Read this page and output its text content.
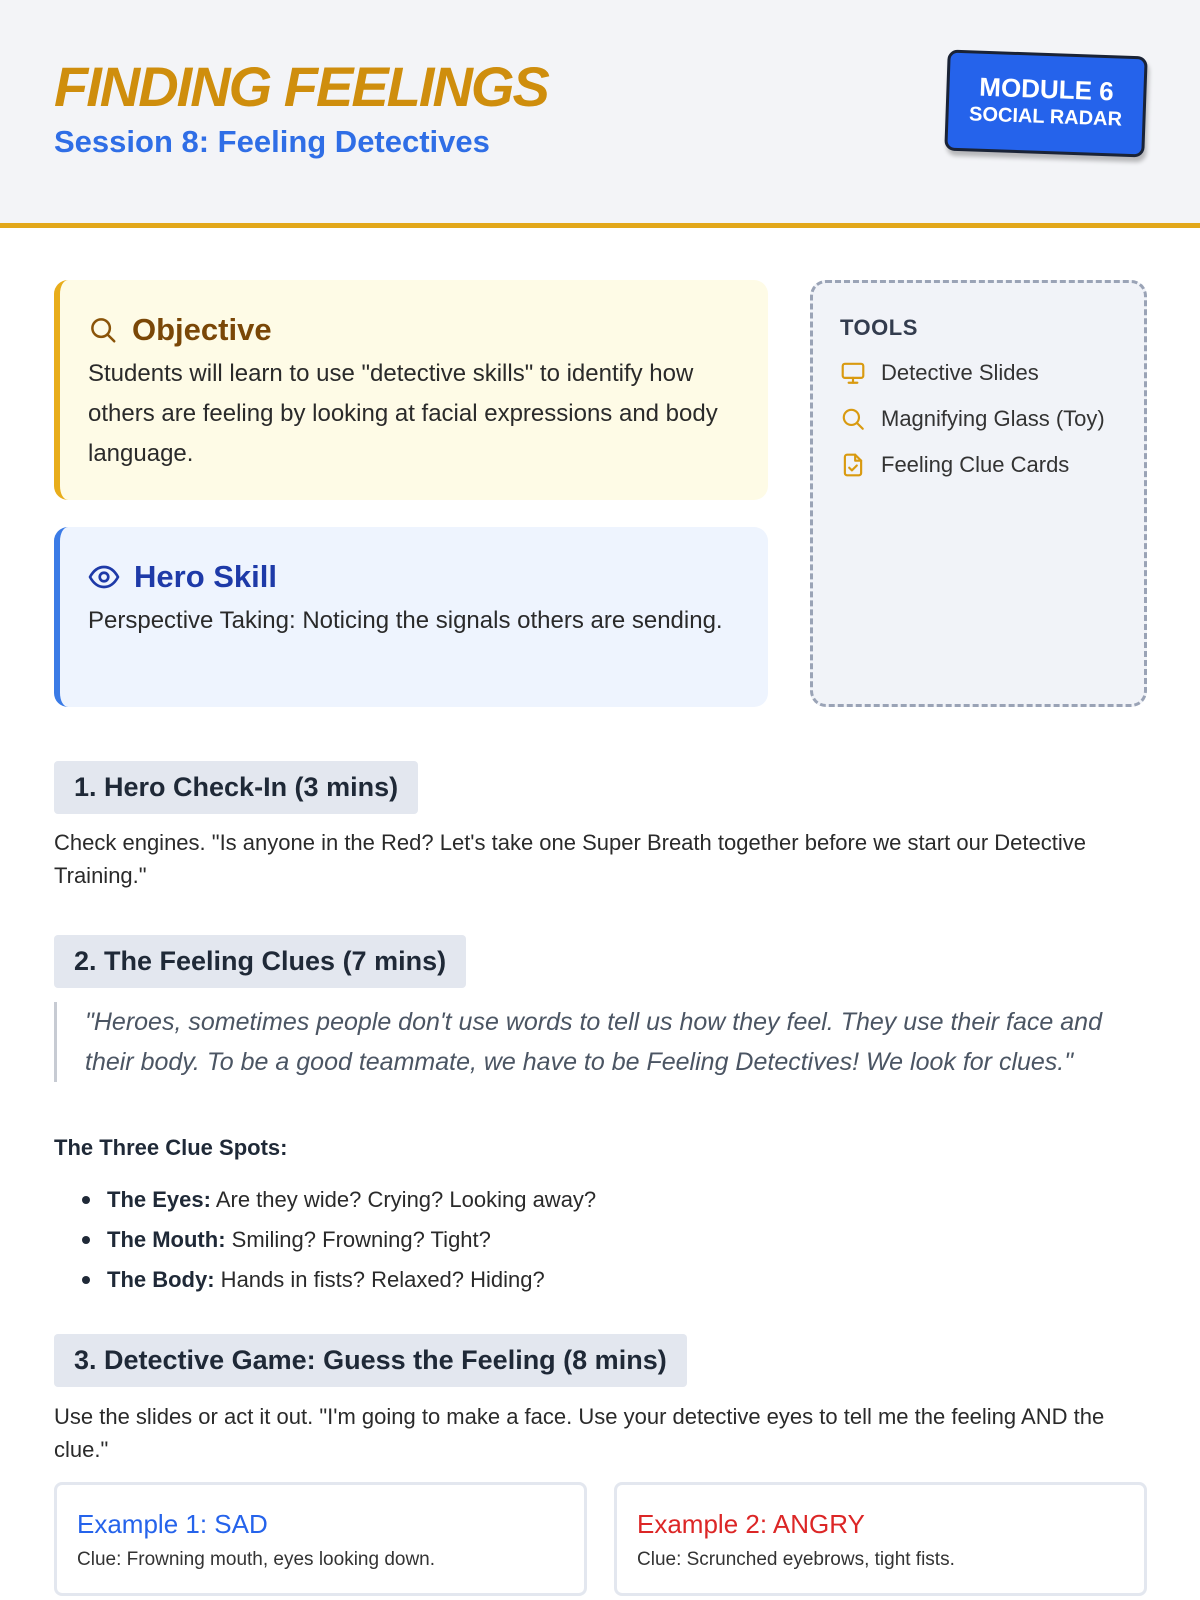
FINDING FEELINGS
Session 8: Feeling Detectives
MODULE 6
SOCIAL RADAR
Objective
Students will learn to use "detective skills" to identify how others are feeling by looking at facial expressions and body language.
Hero Skill
Perspective Taking: Noticing the signals others are sending.
TOOLS
Detective Slides
Magnifying Glass (Toy)
Feeling Clue Cards
1. Hero Check-In (3 mins)
Check engines. "Is anyone in the Red? Let's take one Super Breath together before we start our Detective Training."
2. The Feeling Clues (7 mins)
"Heroes, sometimes people don't use words to tell us how they feel. They use their face and their body. To be a good teammate, we have to be Feeling Detectives! We look for clues."
The Three Clue Spots:
The Eyes: Are they wide? Crying? Looking away?
The Mouth: Smiling? Frowning? Tight?
The Body: Hands in fists? Relaxed? Hiding?
3. Detective Game: Guess the Feeling (8 mins)
Use the slides or act it out. "I'm going to make a face. Use your detective eyes to tell me the feeling AND the clue."
Example 1: SAD
Clue: Frowning mouth, eyes looking down.
Example 2: ANGRY
Clue: Scrunched eyebrows, tight fists.
